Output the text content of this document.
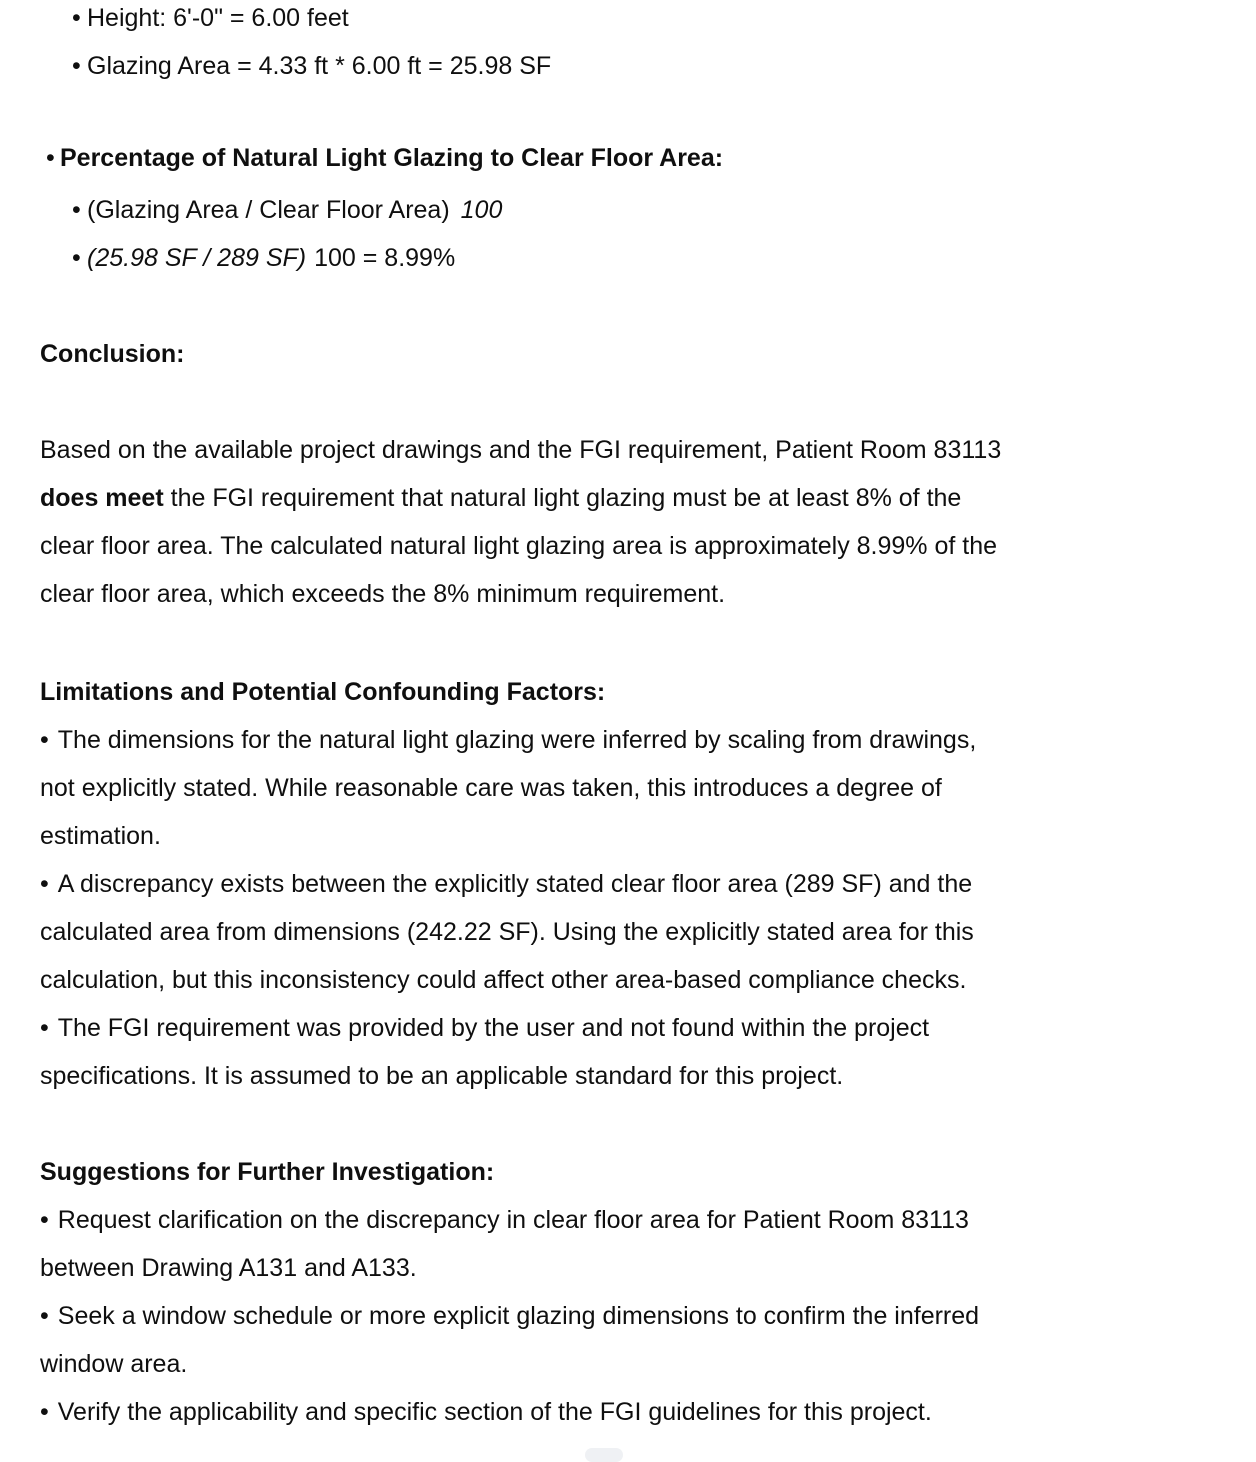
• Height: 6'-0" = 6.00 feet
• Glazing Area = 4.33 ft * 6.00 ft = 25.98 SF
• Percentage of Natural Light Glazing to Clear Floor Area:
• (Glazing Area / Clear Floor Area) 100
• (25.98 SF / 289 SF) 100 = 8.99%

Conclusion:

Based on the available project drawings and the FGI requirement, Patient Room 83113 does meet the FGI requirement that natural light glazing must be at least 8% of the clear floor area. The calculated natural light glazing area is approximately 8.99% of the clear floor area, which exceeds the 8% minimum requirement.

Limitations and Potential Confounding Factors:

• The dimensions for the natural light glazing were inferred by scaling from drawings, not explicitly stated. While reasonable care was taken, this introduces a degree of estimation.

• A discrepancy exists between the explicitly stated clear floor area (289 SF) and the calculated area from dimensions (242.22 SF). Using the explicitly stated area for this calculation, but this inconsistency could affect other area-based compliance checks.

• The FGI requirement was provided by the user and not found within the project specifications. It is assumed to be an applicable standard for this project.

Suggestions for Further Investigation:

• Request clarification on the discrepancy in clear floor area for Patient Room 83113 between Drawing A131 and A133.

• Seek a window schedule or more explicit glazing dimensions to confirm the inferred window area.

• Verify the applicability and specific section of the FGI guidelines for this project.
